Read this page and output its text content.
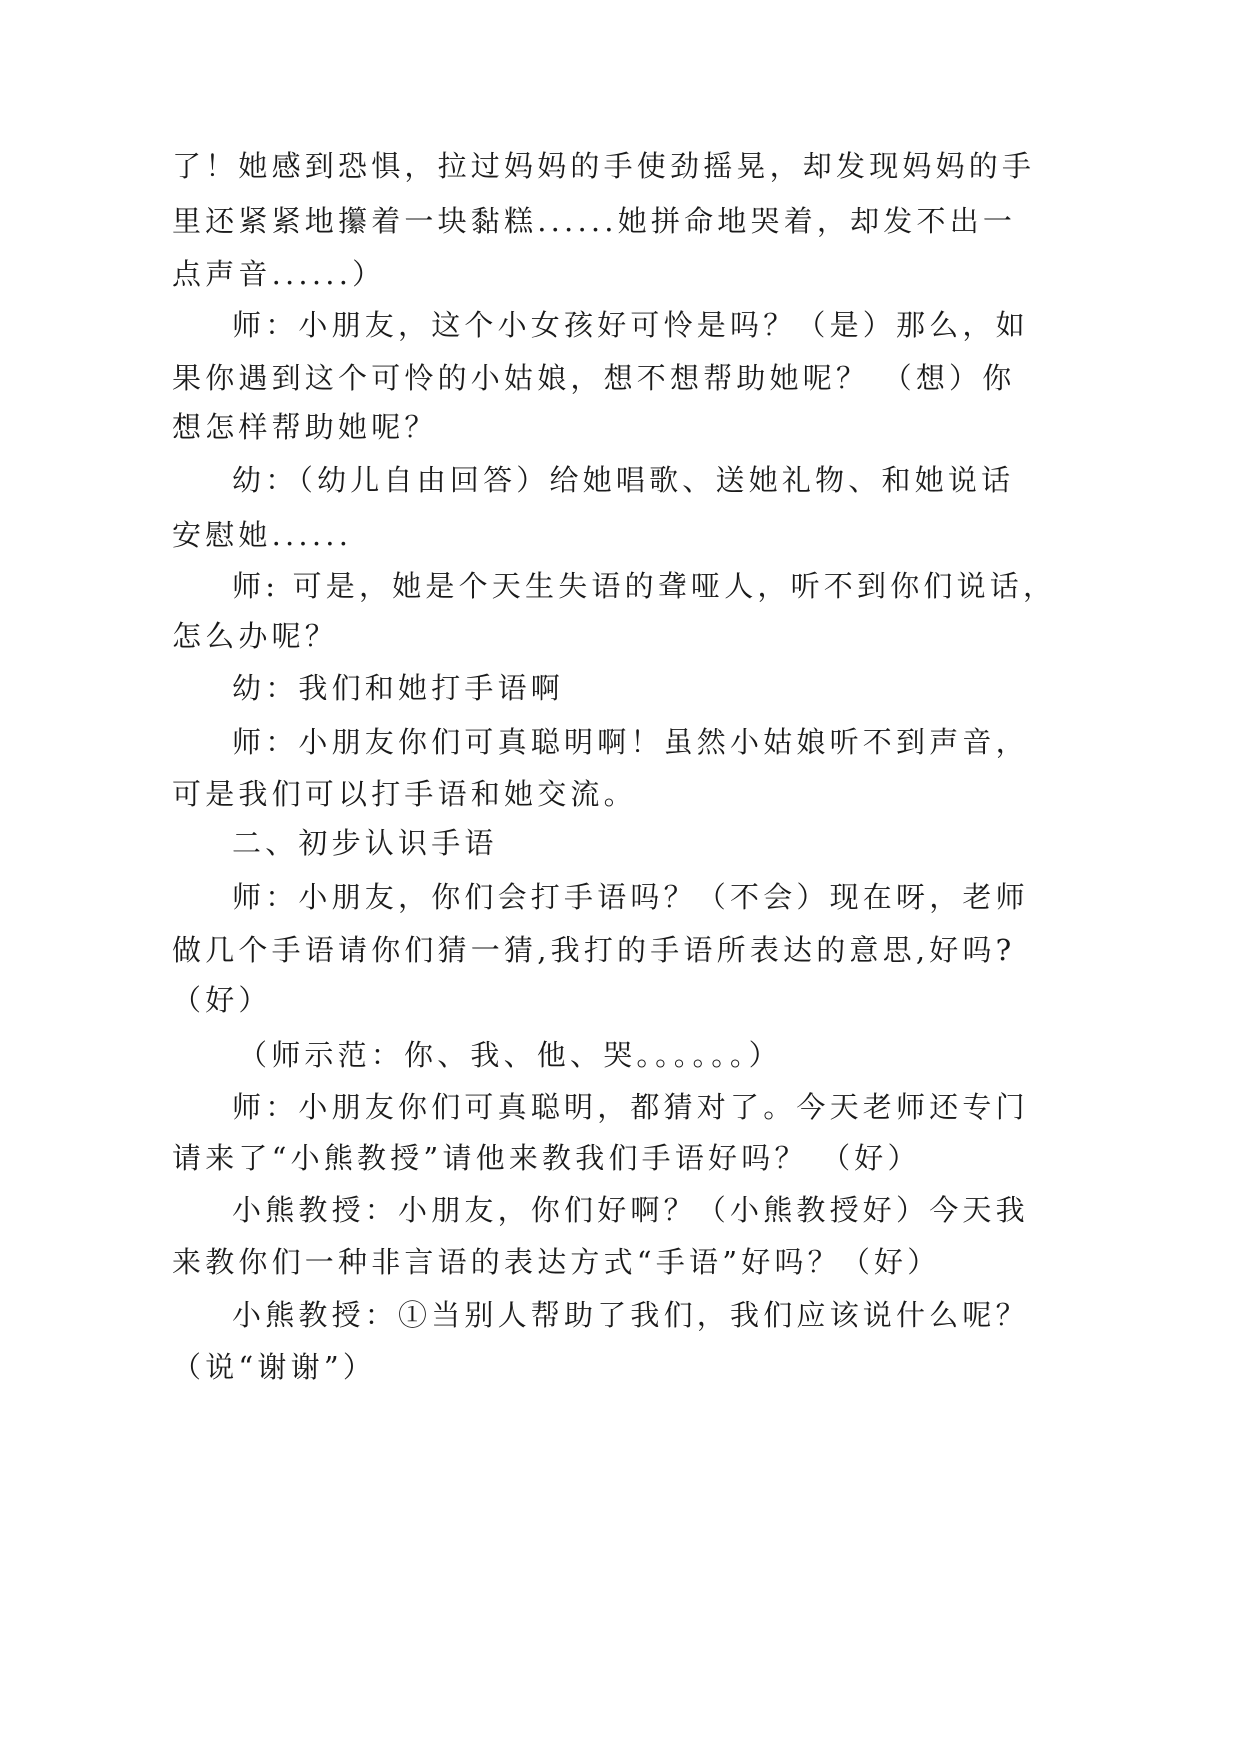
了！她感到恐惧，拉过妈妈的手使劲摇晃，却发现妈妈的手
里还紧紧地攥着一块黏糕......她拼命地哭着，却发不出一
点声音......）
师：小朋友，这个小女孩好可怜是吗？（是）那么，如
果你遇到这个可怜的小姑娘，想不想帮助她呢？ （想）你
想怎样帮助她呢？
幼：（幼儿自由回答）给她唱歌、送她礼物、和她说话
安慰她......
师: 可是，她是个天生失语的聋哑人，听不到你们说话，
怎么办呢？
幼：我们和她打手语啊
师：小朋友你们可真聪明啊！虽然小姑娘听不到声音，
可是我们可以打手语和她交流。
二、初步认识手语
师：小朋友，你们会打手语吗？（不会）现在呀，老师
做几个手语请你们猜一猜,我打的手语所表达的意思,好吗?
（好）
（师示范：你、我、他、哭。。。。。。）
师：小朋友你们可真聪明，都猜对了。今天老师还专门
请来了“小熊教授”请他来教我们手语好吗？ （好）
小熊教授：小朋友，你们好啊？（小熊教授好）今天我
来教你们一种非言语的表达方式“手语”好吗？（好）
小熊教授：①当别人帮助了我们，我们应该说什么呢？
（说“谢谢”）
